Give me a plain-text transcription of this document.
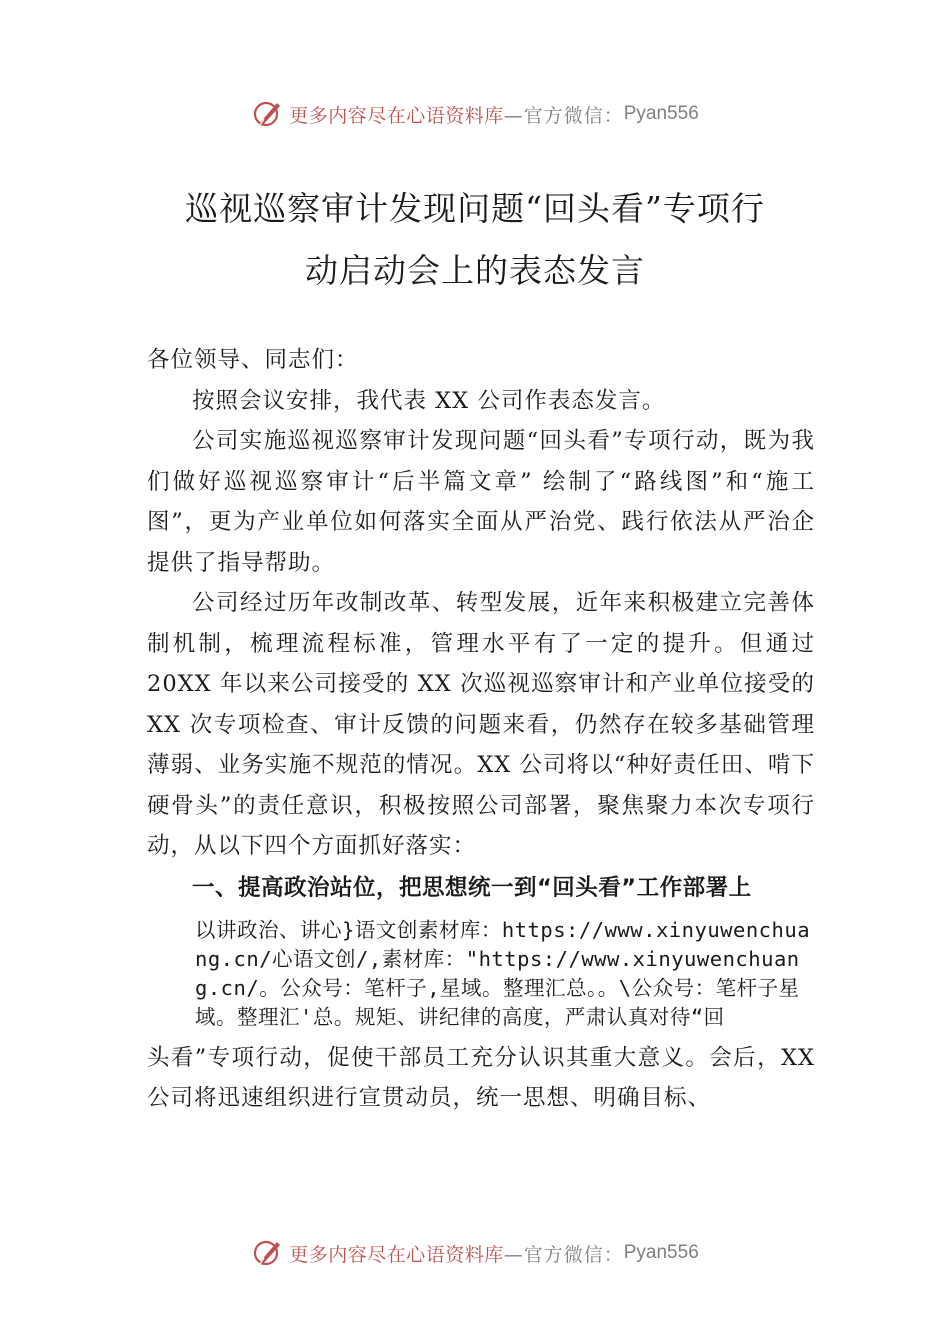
更多内容尽在心语资料库 —官方微信： Pyan556
巡视巡察审计发现问题“回头看”专项行
动启动会上的表态发言

各位领导、同志们：

按照会议安排，我代表 XX 公司作表态发言。

公司实施巡视巡察审计发现问题“回头看”专项行动，既为我们做好巡视巡察审计“后半篇文章” 绘制了“路线图”和“施工图”，更为产业单位如何落实全面从严治党、践行依法从严治企提供了指导帮助。

公司经过历年改制改革、转型发展，近年来积极建立完善体制机制，梳理流程标准，管理水平有了一定的提升。但通过 20XX 年以来公司接受的 XX 次巡视巡察审计和产业单位接受的 XX 次专项检查、审计反馈的问题来看，仍然存在较多基础管理薄弱、业务实施不规范的情况。XX 公司将以“种好责任田、啃下硬骨头”的责任意识，积极按照公司部署，聚焦聚力本次专项行动，从以下四个方面抓好落实：

一、提高政治站位，把思想统一到“回头看”工作部署上

以讲政治、讲心}语文创素材库：https://www.xinyuwenchuang.cn/心语文创/,素材库："https://www.xinyuwenchuang.cn/。公众号：笔杆子,星域。整理汇总。。\公众号：笔杆子星域。整理汇'总。规矩、讲纪律的高度，严肃认真对待“回

头看”专项行动，促使干部员工充分认识其重大意义。会后，XX 公司将迅速组织进行宣贯动员，统一思想、明确目标、

更多内容尽在心语资料库 —官方微信： Pyan556
